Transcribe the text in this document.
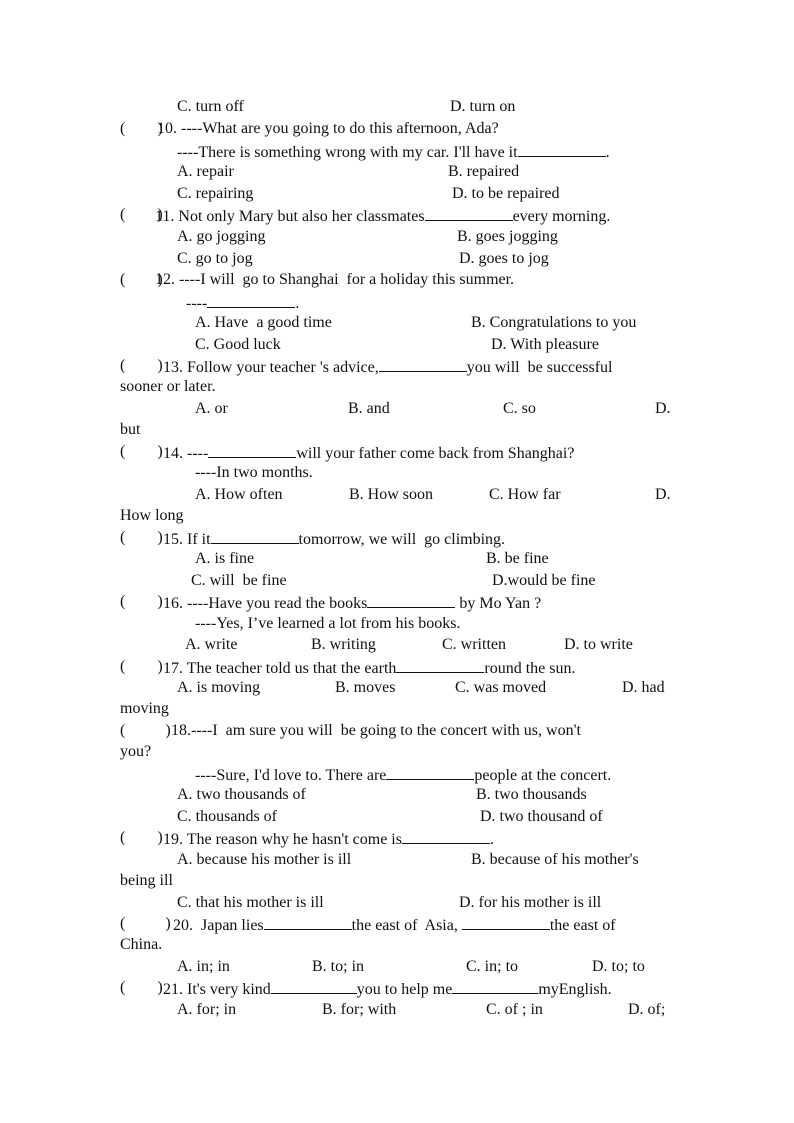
C. turn off	D. turn on
(        )
10. ----What are you going to do this afternoon, Ada?
----There is something wrong with my car. I'll have it	.
A. repair	B. repaired
C. repairing	D. to be repaired
(        )
11. Not only Mary but also her classmates	every morning.
A. go jogging	B. goes jogging
C. go to jog	D. goes to jog
(        )
12. ----I will  go to Shanghai  for a holiday this summer.
----	.
A. Have  a good time	B. Congratulations to you
C. Good luck	D. With pleasure
(        ) 13. Follow your teacher 's advice,	you will  be successful
sooner or later.
A. or	B. and	C. so	D.
but
(        ) 14. ----	will your father come back from Shanghai?
----In two months.
A. How often	B. How soon	C. How far	D.
How long
(        ) 15. If it	tomorrow, we will  go climbing.
A. is fine	B. be fine
C. will  be fine	D.would be fine
(        ) 16. ----Have you read the books	by Mo Yan ?
----Yes, I’ve learned a lot from his books.
A. write	B. writing	C. written	D. to write
(        ) 17. The teacher told us that the earth	round the sun.
A. is moving	B. moves	C. was moved	D. had
moving
(          ) 18.----I  am sure you will  be going to the concert with us, won't
you?
----Sure, I'd love to. There are	people at the concert.
A. two thousands of	B. two thousands
C. thousands of	D. two thousand of
(        ) 19. The reason why he hasn't come is	.
A. because his mother is ill	B. because of his mother's
being ill
C. that his mother is ill	D. for his mother is ill
(          ) 20.  Japan lies	the east of  Asia,	the east of
China.
A. in; in	B. to; in	C. in; to	D. to; to
(        ) 21. It's very kind	you to help me	myEnglish.
A. for; in	B. for; with	C. of ; in	D. of;
